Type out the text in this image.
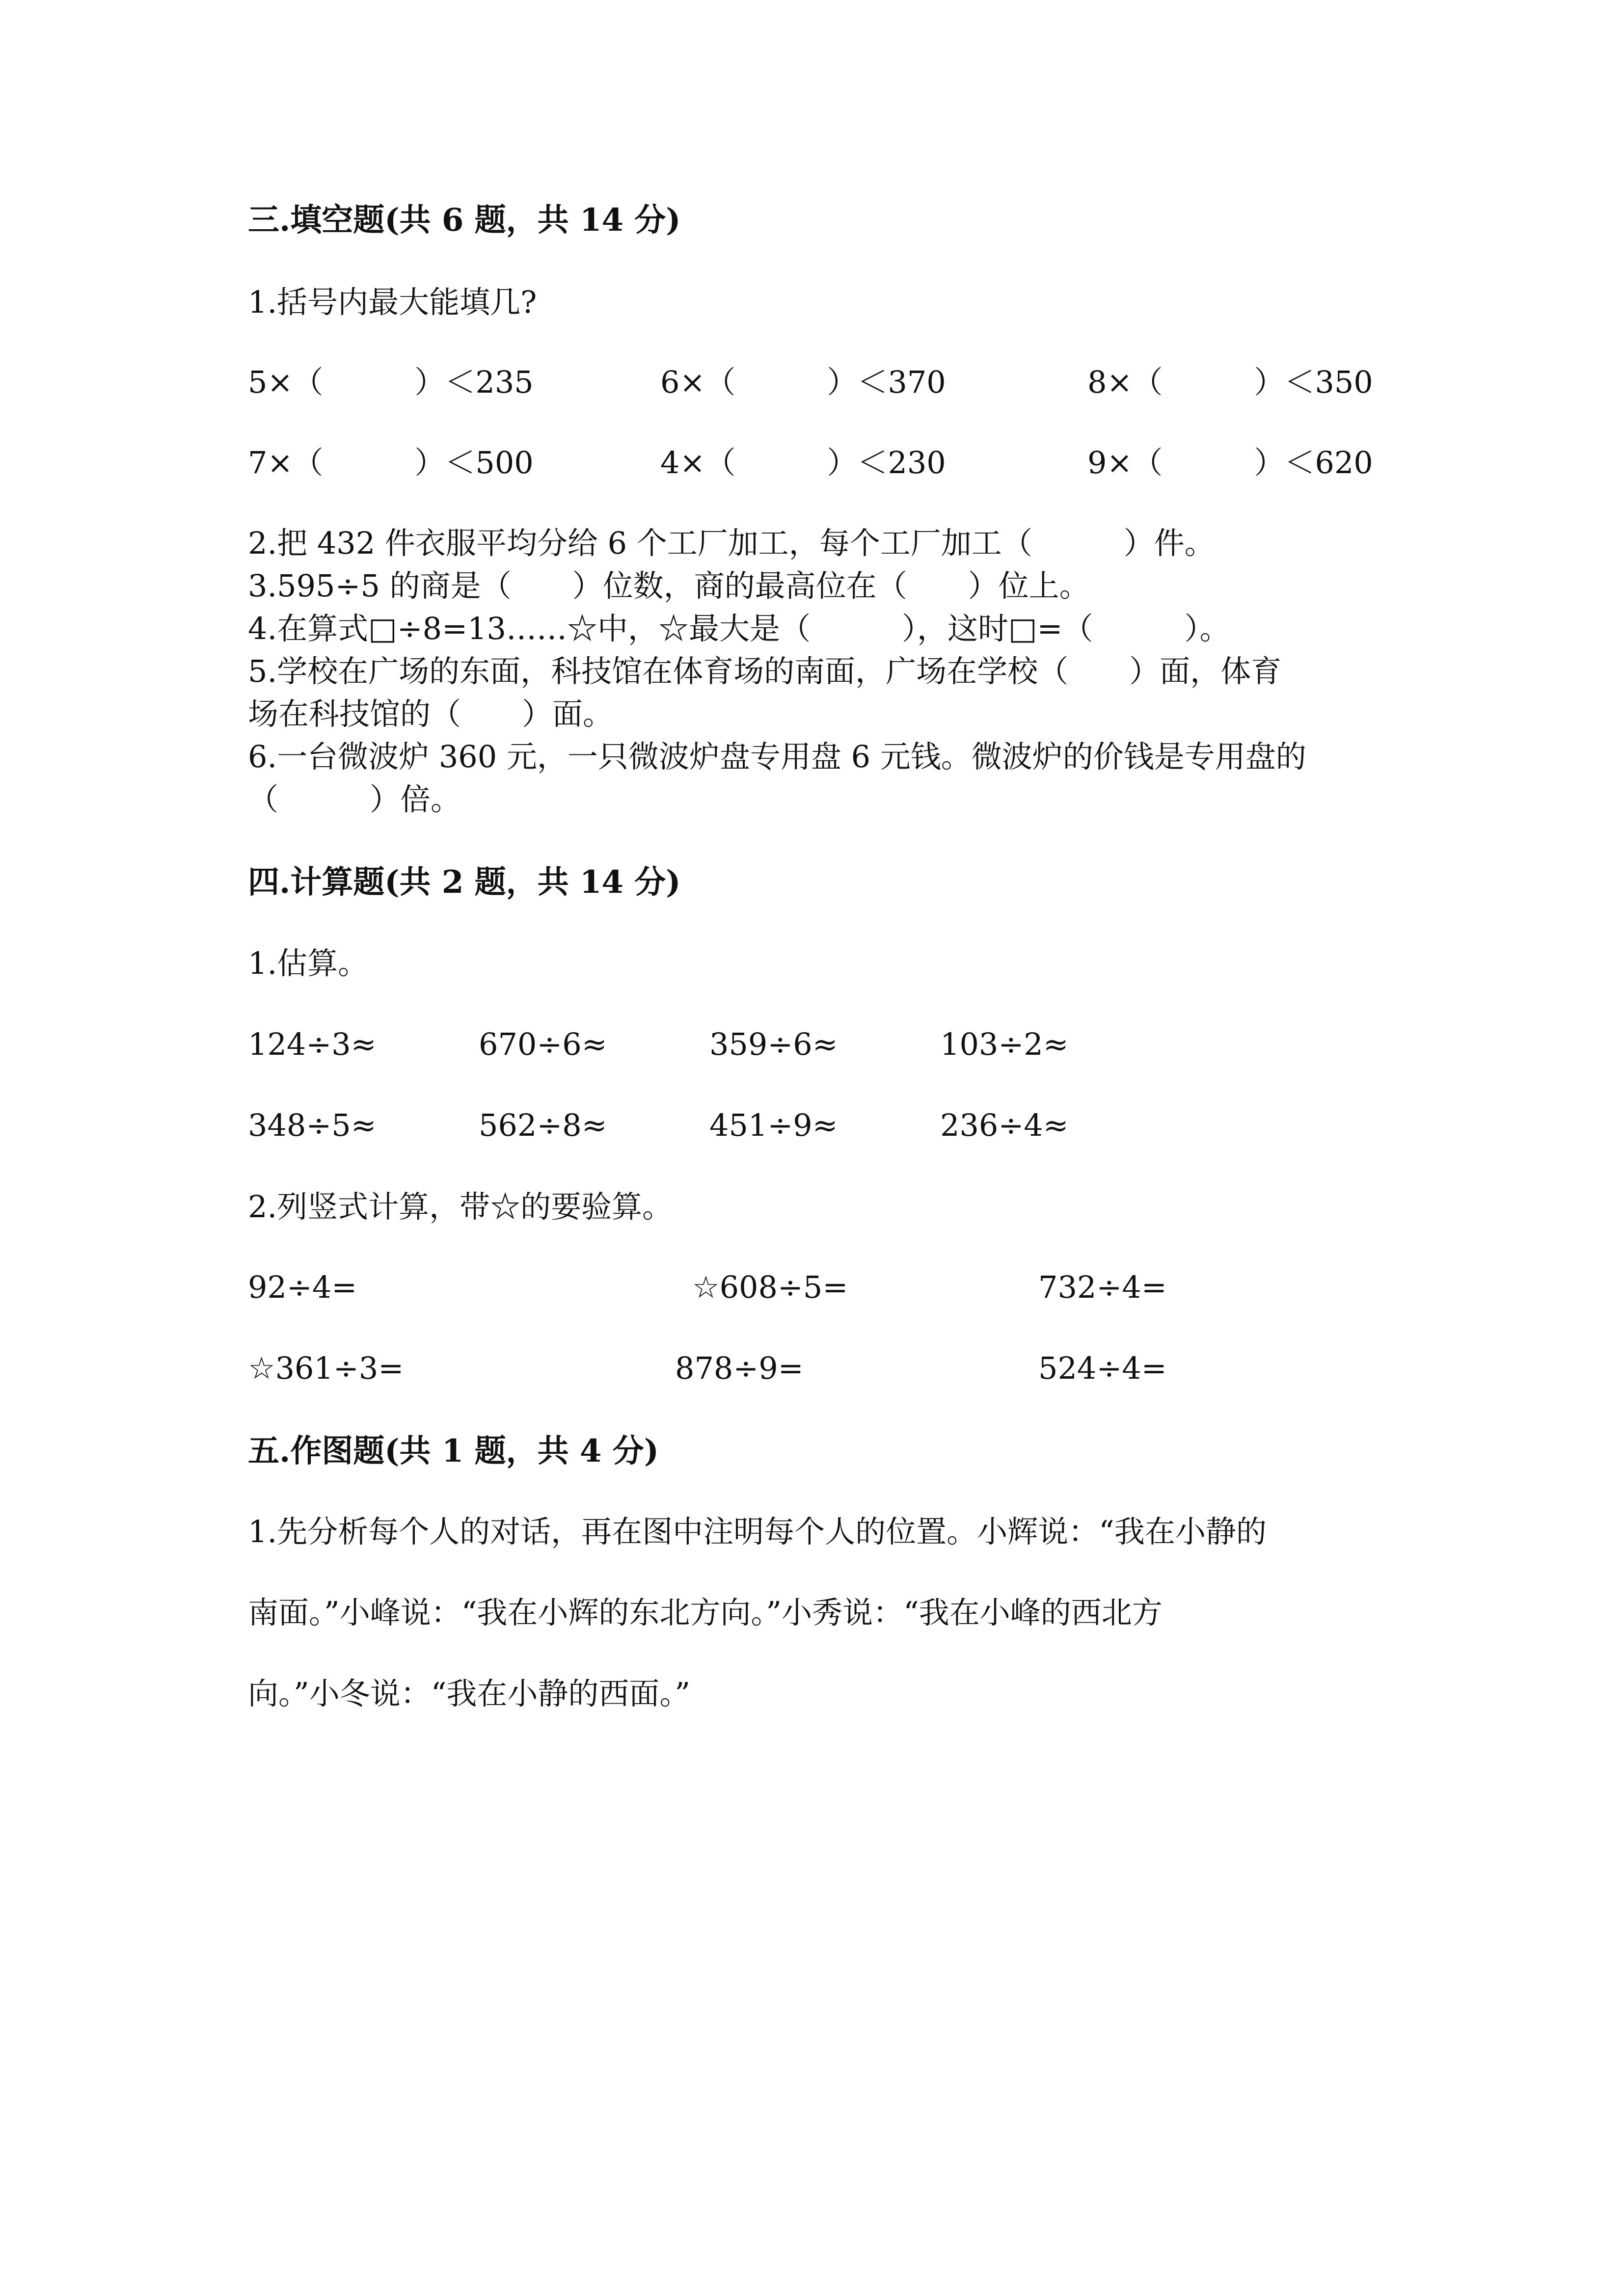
三.填空题(共 6 题，共 14 分)
1.括号内最大能填几?
5×（　　　）＜235	6×（　　　）＜370	8×（　　　）＜350
7×（　　　）＜500	4×（　　　）＜230	9×（　　　）＜620
2.把 432 件衣服平均分给 6 个工厂加工，每个工厂加工（　　　）件。
3.595÷5 的商是（　　）位数，商的最高位在（　　）位上。
4.在算式□÷8=13……☆中，☆最大是（　　　），这时□=（　　　）。
5.学校在广场的东面，科技馆在体育场的南面，广场在学校（　　）面，体育
场在科技馆的（　　）面。
6.一台微波炉 360 元，一只微波炉盘专用盘 6 元钱。微波炉的价钱是专用盘的
（　　　）倍。
四.计算题(共 2 题，共 14 分)
1.估算。
124÷3≈	670÷6≈	359÷6≈	103÷2≈
348÷5≈	562÷8≈	451÷9≈	236÷4≈
2.列竖式计算，带☆的要验算。
92÷4=	☆608÷5=	732÷4=
☆361÷3=	878÷9=	524÷4=
五.作图题(共 1 题，共 4 分)
1.先分析每个人的对话，再在图中注明每个人的位置。小辉说：“我在小静的
南面。”小峰说：“我在小辉的东北方向。”小秀说：“我在小峰的西北方
向。”小冬说：“我在小静的西面。”
